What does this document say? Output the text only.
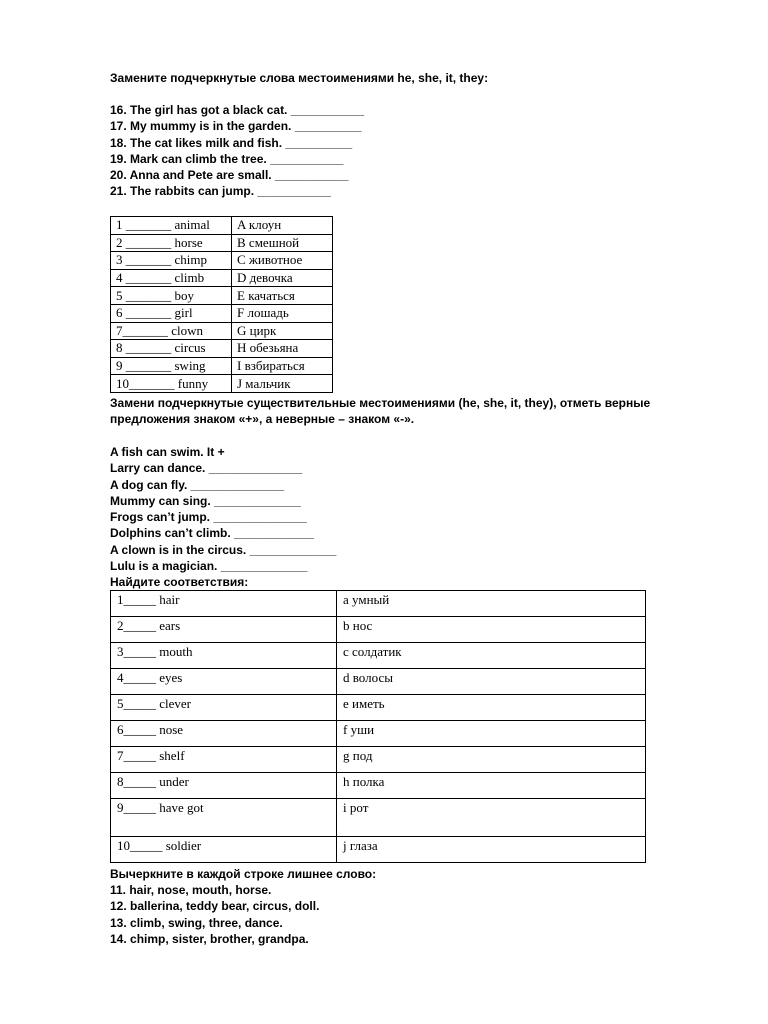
Замените подчеркнутые слова местоимениями he, she, it, they:
16. The girl has got a black cat. ___________
17. My mummy is in the garden. __________
18. The cat likes milk and fish. __________
19. Mark can climb the tree. ___________
20. Anna and Pete are small. ___________
21. The rabbits can jump. ___________
1 _______ animal	A клоун
2 _______ horse	B смешной
3 _______ chimp	C животное
4 _______ climb	D девочка
5 _______ boy	E качаться
6 _______ girl	F лошадь
7_______ clown	G цирк
8 _______ circus	H обезьяна
9 _______ swing	I взбираться
10_______ funny	J мальчик
Замени подчеркнутые существительные местоимениями (he, she, it, they), отметь верные
предложения знаком «+», а неверные – знаком «-».
A fish can swim. It +
Larry can dance. ______________
A dog can fly. ______________
Mummy can sing. _____________
Frogs can’t jump. ______________
Dolphins can’t climb. ____________
A clown is in the circus. _____________
Lulu is a magician. _____________
Найдите соответствия:
1_____ hair	a умный
2_____ ears	b нос
3_____ mouth	c солдатик
4_____ eyes	d волосы
5_____ clever	e иметь
6_____ nose	f уши
7_____ shelf	g под
8_____ under	h полка
9_____ have got	i рот
10_____ soldier	j глаза
Вычеркните в каждой строке лишнее слово:
11. hair, nose, mouth, horse.
12. ballerina, teddy bear, circus, doll.
13. climb, swing, three, dance.
14. chimp, sister, brother, grandpa.
